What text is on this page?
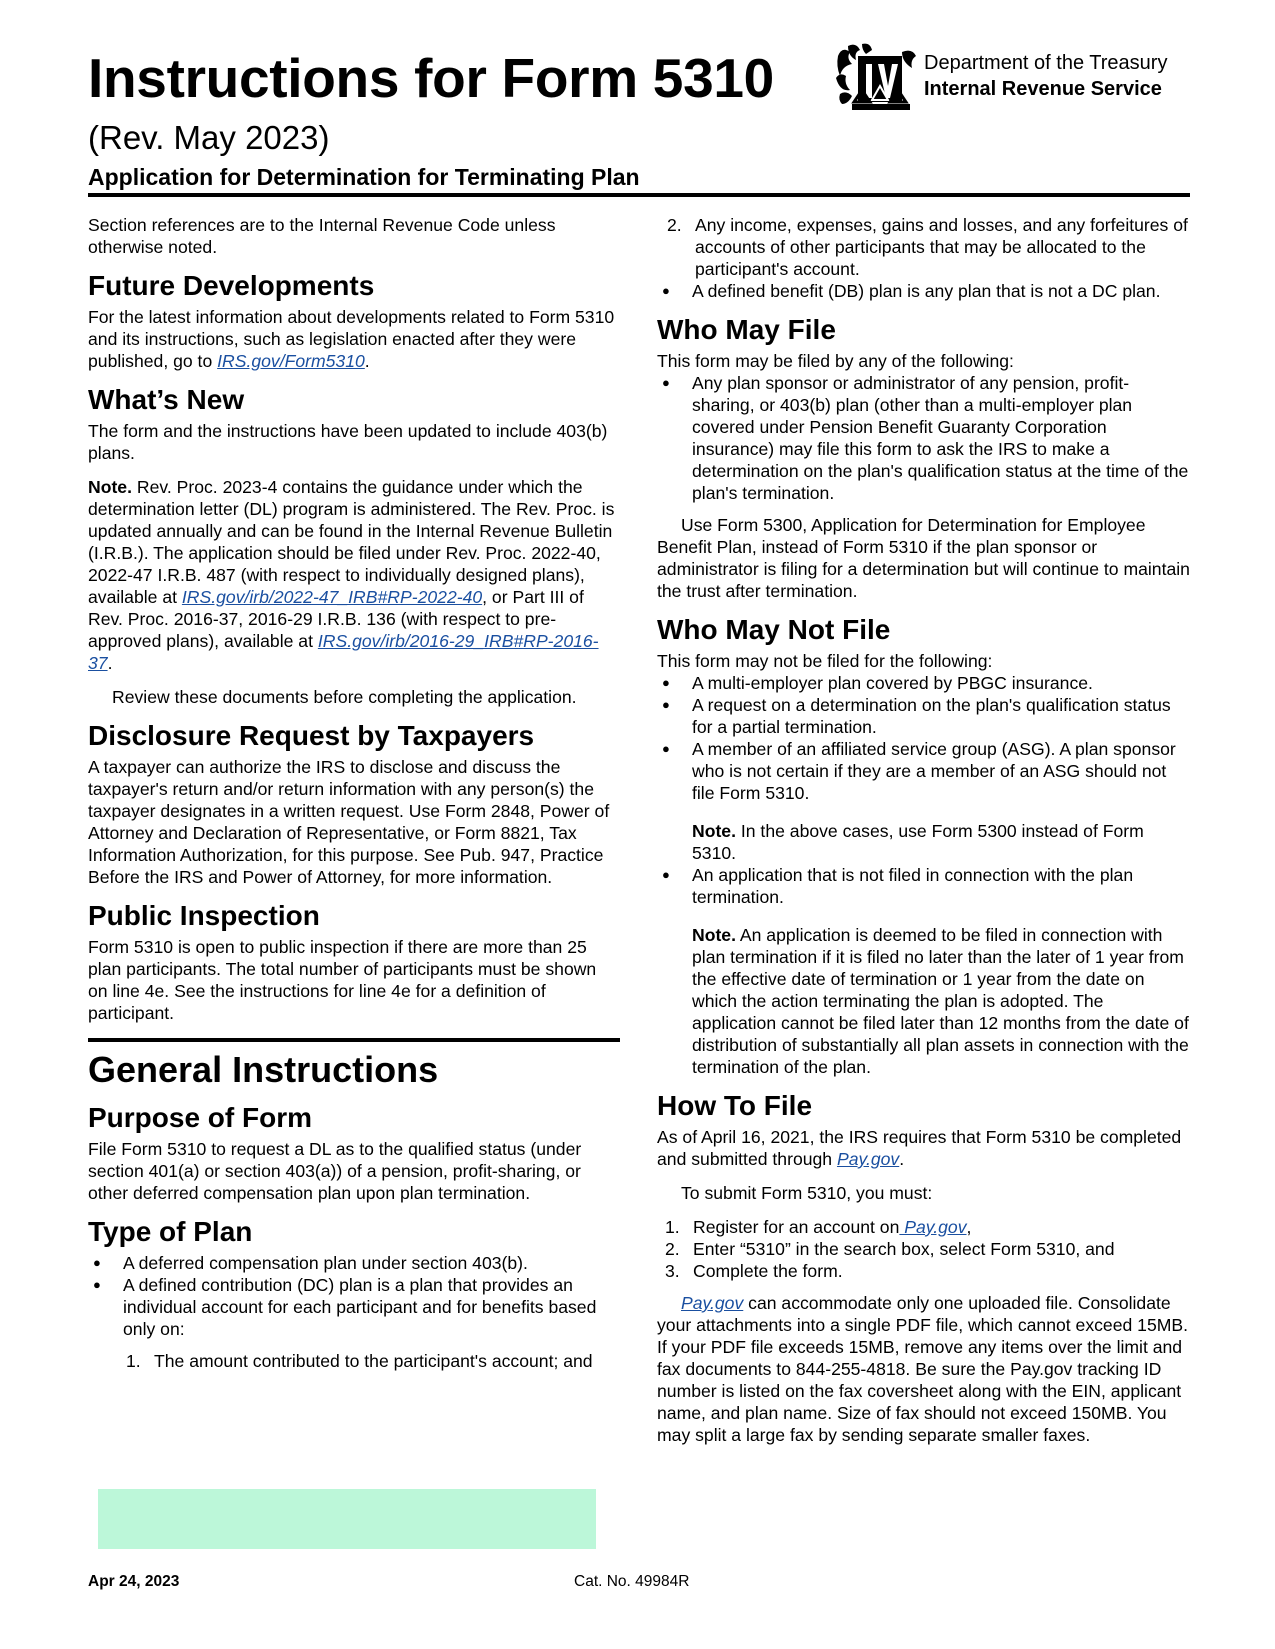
Instructions for Form 5310
(Rev. May 2023)
Application for Determination for Terminating Plan
Department of the Treasury
Internal Revenue Service

Section references are to the Internal Revenue Code unless otherwise noted.

Future Developments

For the latest information about developments related to Form 5310 and its instructions, such as legislation enacted after they were published, go to IRS.gov/Form5310.

What’s New

The form and the instructions have been updated to include 403(b) plans.

Note. Rev. Proc. 2023-4 contains the guidance under which the determination letter (DL) program is administered. The Rev. Proc. is updated annually and can be found in the Internal Revenue Bulletin (I.R.B.). The application should be filed under Rev. Proc. 2022-40, 2022-47 I.R.B. 487 (with respect to individually designed plans), available at IRS.gov/irb/2022-47_IRB#RP-2022-40, or Part III of Rev. Proc. 2016-37, 2016-29 I.R.B. 136 (with respect to pre-approved plans), available at IRS.gov/irb/2016-29_IRB#RP-2016-37.

Review these documents before completing the application.

Disclosure Request by Taxpayers

A taxpayer can authorize the IRS to disclose and discuss the taxpayer's return and/or return information with any person(s) the taxpayer designates in a written request. Use Form 2848, Power of Attorney and Declaration of Representative, or Form 8821, Tax Information Authorization, for this purpose. See Pub. 947, Practice Before the IRS and Power of Attorney, for more information.

Public Inspection

Form 5310 is open to public inspection if there are more than 25 plan participants. The total number of participants must be shown on line 4e. See the instructions for line 4e for a definition of participant.

General Instructions
Purpose of Form

File Form 5310 to request a DL as to the qualified status (under section 401(a) or section 403(a)) of a pension, profit-sharing, or other deferred compensation plan upon plan termination.

Type of Plan
● A deferred compensation plan under section 403(b).
● A defined contribution (DC) plan is a plan that provides an individual account for each participant and for benefits based only on:
1. The amount contributed to the participant's account; and
2. Any income, expenses, gains and losses, and any forfeitures of accounts of other participants that may be allocated to the participant's account.
● A defined benefit (DB) plan is any plan that is not a DC plan.
Who May File

This form may be filed by any of the following:

● Any plan sponsor or administrator of any pension, profit-sharing, or 403(b) plan (other than a multi-employer plan covered under Pension Benefit Guaranty Corporation insurance) may file this form to ask the IRS to make a determination on the plan's qualification status at the time of the plan's termination.

Use Form 5300, Application for Determination for Employee Benefit Plan, instead of Form 5310 if the plan sponsor or administrator is filing for a determination but will continue to maintain the trust after termination.

Who May Not File

This form may not be filed for the following:

● A multi-employer plan covered by PBGC insurance.
● A request on a determination on the plan's qualification status for a partial termination.
● A member of an affiliated service group (ASG). A plan sponsor who is not certain if they are a member of an ASG should not file Form 5310.
Note. In the above cases, use Form 5300 instead of Form 5310.
● An application that is not filed in connection with the plan termination.
Note. An application is deemed to be filed in connection with plan termination if it is filed no later than the later of 1 year from the effective date of termination or 1 year from the date on which the action terminating the plan is adopted. The application cannot be filed later than 12 months from the date of distribution of substantially all plan assets in connection with the termination of the plan.
How To File

As of April 16, 2021, the IRS requires that Form 5310 be completed and submitted through Pay.gov.

To submit Form 5310, you must:

1. Register for an account on Pay.gov,
2. Enter “5310” in the search box, select Form 5310, and
3. Complete the form.

Pay.gov can accommodate only one uploaded file. Consolidate your attachments into a single PDF file, which cannot exceed 15MB. If your PDF file exceeds 15MB, remove any items over the limit and fax documents to 844-255-4818. Be sure the Pay.gov tracking ID number is listed on the fax coversheet along with the EIN, applicant name, and plan name. Size of fax should not exceed 150MB. You may split a large fax by sending separate smaller faxes.

Apr 24, 2023	Cat. No. 49984R
